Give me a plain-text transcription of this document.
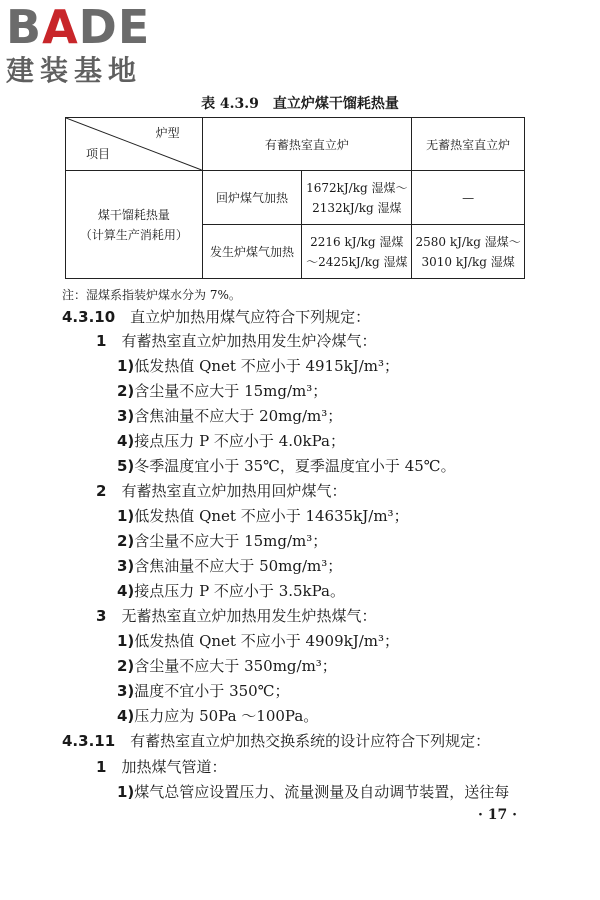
BADE
建装基地
表 4.3.9　直立炉煤干馏耗热量
炉型
项目	有蓄热室直立炉		无蓄热室直立炉

煤干馏耗热量
（计算生产消耗用）	回炉煤气加热	1672kJ/kg 湿煤～2132kJ/kg 湿煤	—
	发生炉煤气加热	2216 kJ/kg 湿煤～2425kJ/kg 湿煤	2580 kJ/kg 湿煤～3010 kJ/kg 湿煤
注：湿煤系指装炉煤水分为 7%。
4.3.10　直立炉加热用煤气应符合下列规定：
1　有蓄热室直立炉加热用发生炉冷煤气：
1)低发热值 Qnet 不应小于 4915kJ/m³；
2)含尘量不应大于 15mg/m³；
3)含焦油量不应大于 20mg/m³；
4)接点压力 P 不应小于 4.0kPa；
5)冬季温度宜小于 35℃，夏季温度宜小于 45℃。
2　有蓄热室直立炉加热用回炉煤气：
1)低发热值 Qnet 不应小于 14635kJ/m³；
2)含尘量不应大于 15mg/m³；
3)含焦油量不应大于 50mg/m³；
4)接点压力 P 不应小于 3.5kPa。
3　无蓄热室直立炉加热用发生炉热煤气：
1)低发热值 Qnet 不应小于 4909kJ/m³；
2)含尘量不应大于 350mg/m³；
3)温度不宜小于 350℃；
4)压力应为 50Pa ～100Pa。
4.3.11　有蓄热室直立炉加热交换系统的设计应符合下列规定：
1　加热煤气管道：
1)煤气总管应设置压力、流量测量及自动调节装置，送往每
· 17 ·
